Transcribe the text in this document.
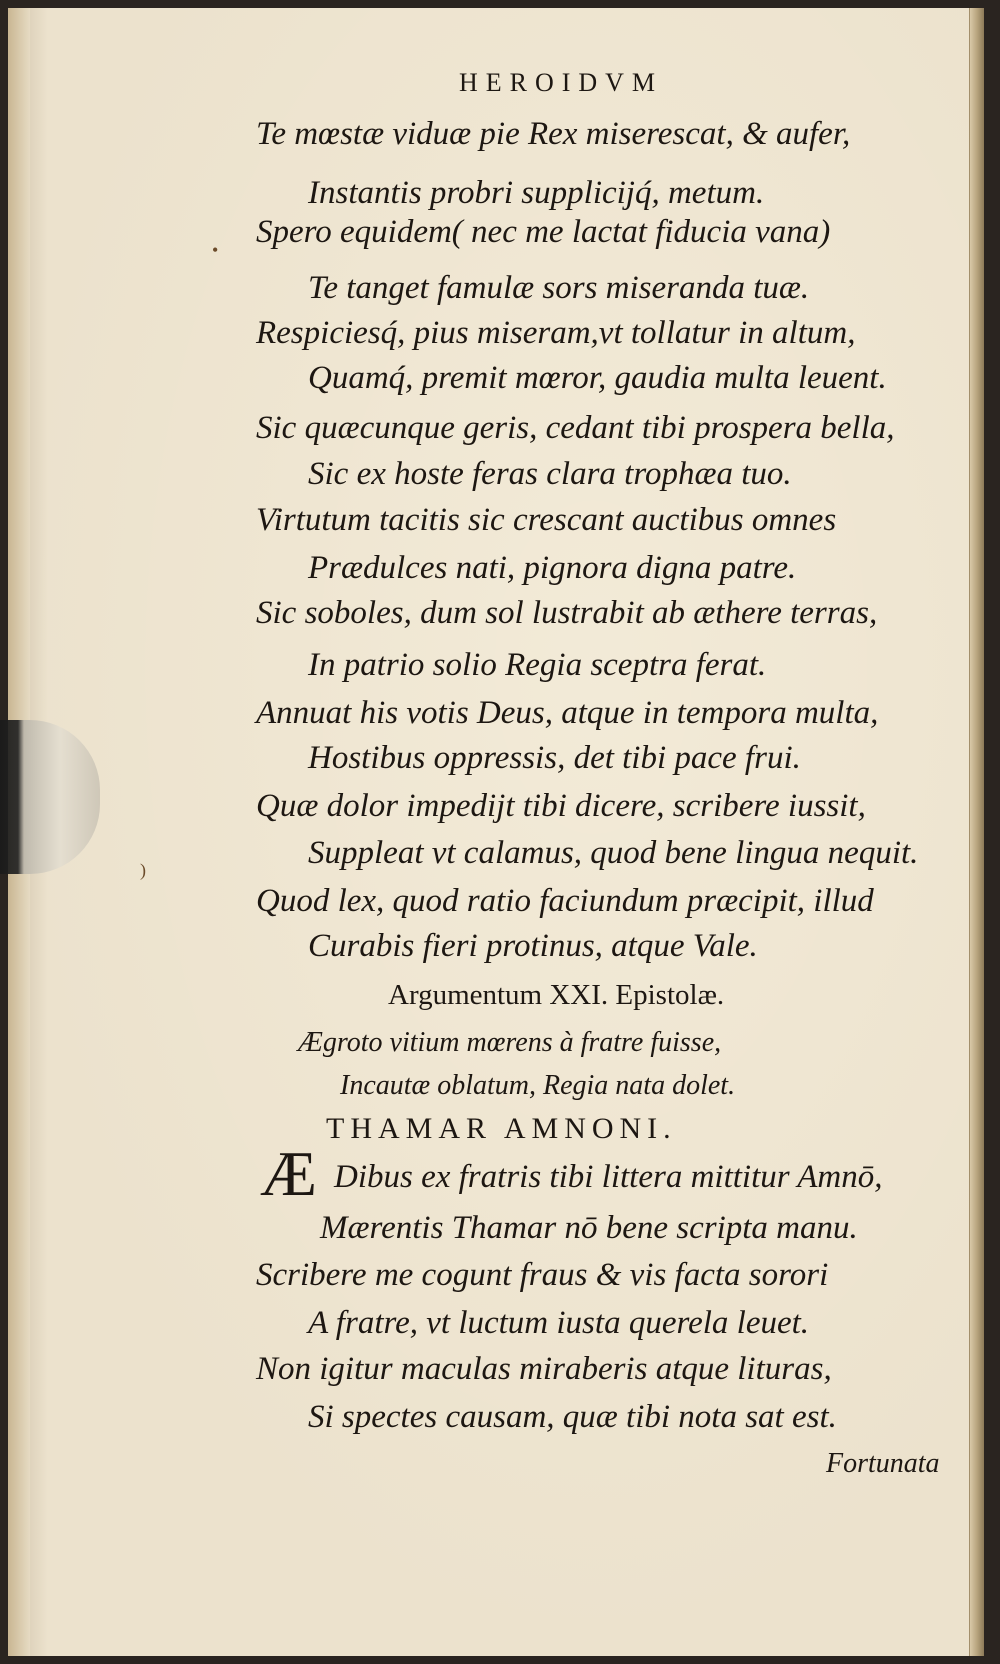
HEROIDVM
Te mœstæ viduæ pie Rex miserescat, & aufer,
Instantis probri supplicijq́, metum.
Spero equidem( nec me lactat fiducia vana)
Te tanget famulæ sors miseranda tuæ.
Respiciesq́, pius miseram,vt tollatur in altum,
Quamq́, premit mœror, gaudia multa leuent.
Sic quæcunque geris, cedant tibi prospera bella,
Sic ex hoste feras clara trophæa tuo.
Virtutum tacitis sic crescant auctibus omnes
Prædulces nati, pignora digna patre.
Sic soboles, dum sol lustrabit ab æthere terras,
In patrio solio Regia sceptra ferat.
Annuat his votis Deus, atque in tempora multa,
Hostibus oppressis, det tibi pace frui.
Quæ dolor impedijt tibi dicere, scribere iussit,
Suppleat vt calamus, quod bene lingua nequit.
Quod lex, quod ratio faciundum præcipit, illud
Curabis fieri protinus, atque Vale.
Argumentum XXI. Epistolæ.
Ægroto vitium mœrens à fratre fuisse,
Incautæ oblatum, Regia nata dolet.
THAMAR AMNONI.
Æ Dibus ex fratris tibi littera mittitur Amnō,
Mærentis Thamar nō bene scripta manu.
Scribere me cogunt fraus & vis facta sorori
A fratre, vt luctum iusta querela leuet.
Non igitur maculas miraberis atque lituras,
Si spectes causam, quæ tibi nota sat est.
Fortunata
•
)
